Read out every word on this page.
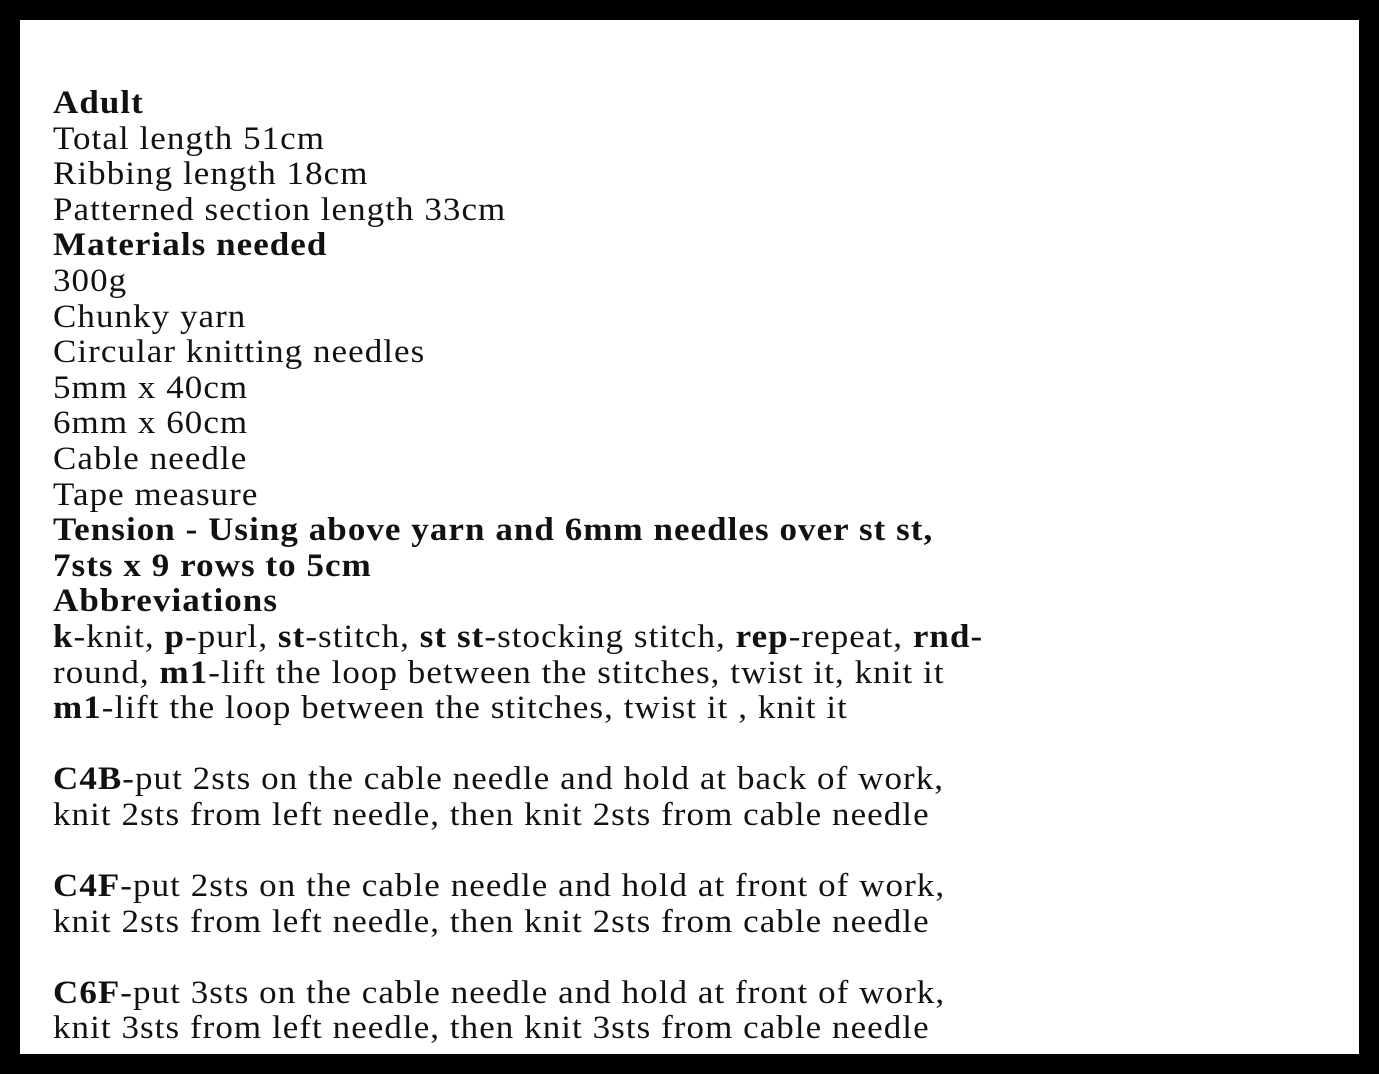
Adult
Total length 51cm
Ribbing length 18cm
Patterned section length 33cm
Materials needed
300g
Chunky yarn
Circular knitting needles
5mm x 40cm
6mm x 60cm
Cable needle
Tape measure
Tension - Using above yarn and 6mm needles over st st,
7sts x 9 rows to 5cm
Abbreviations
k-knit, p-purl, st-stitch, st st-stocking stitch, rep-repeat, rnd-
round, m1-lift the loop between the stitches, twist it, knit it
m1-lift the loop between the stitches, twist it , knit it
C4B-put 2sts on the cable needle and hold at back of work,
knit 2sts from left needle, then knit 2sts from cable needle
C4F-put 2sts on the cable needle and hold at front of work,
knit 2sts from left needle, then knit 2sts from cable needle
C6F-put 3sts on the cable needle and hold at front of work,
knit 3sts from left needle, then knit 3sts from cable needle
